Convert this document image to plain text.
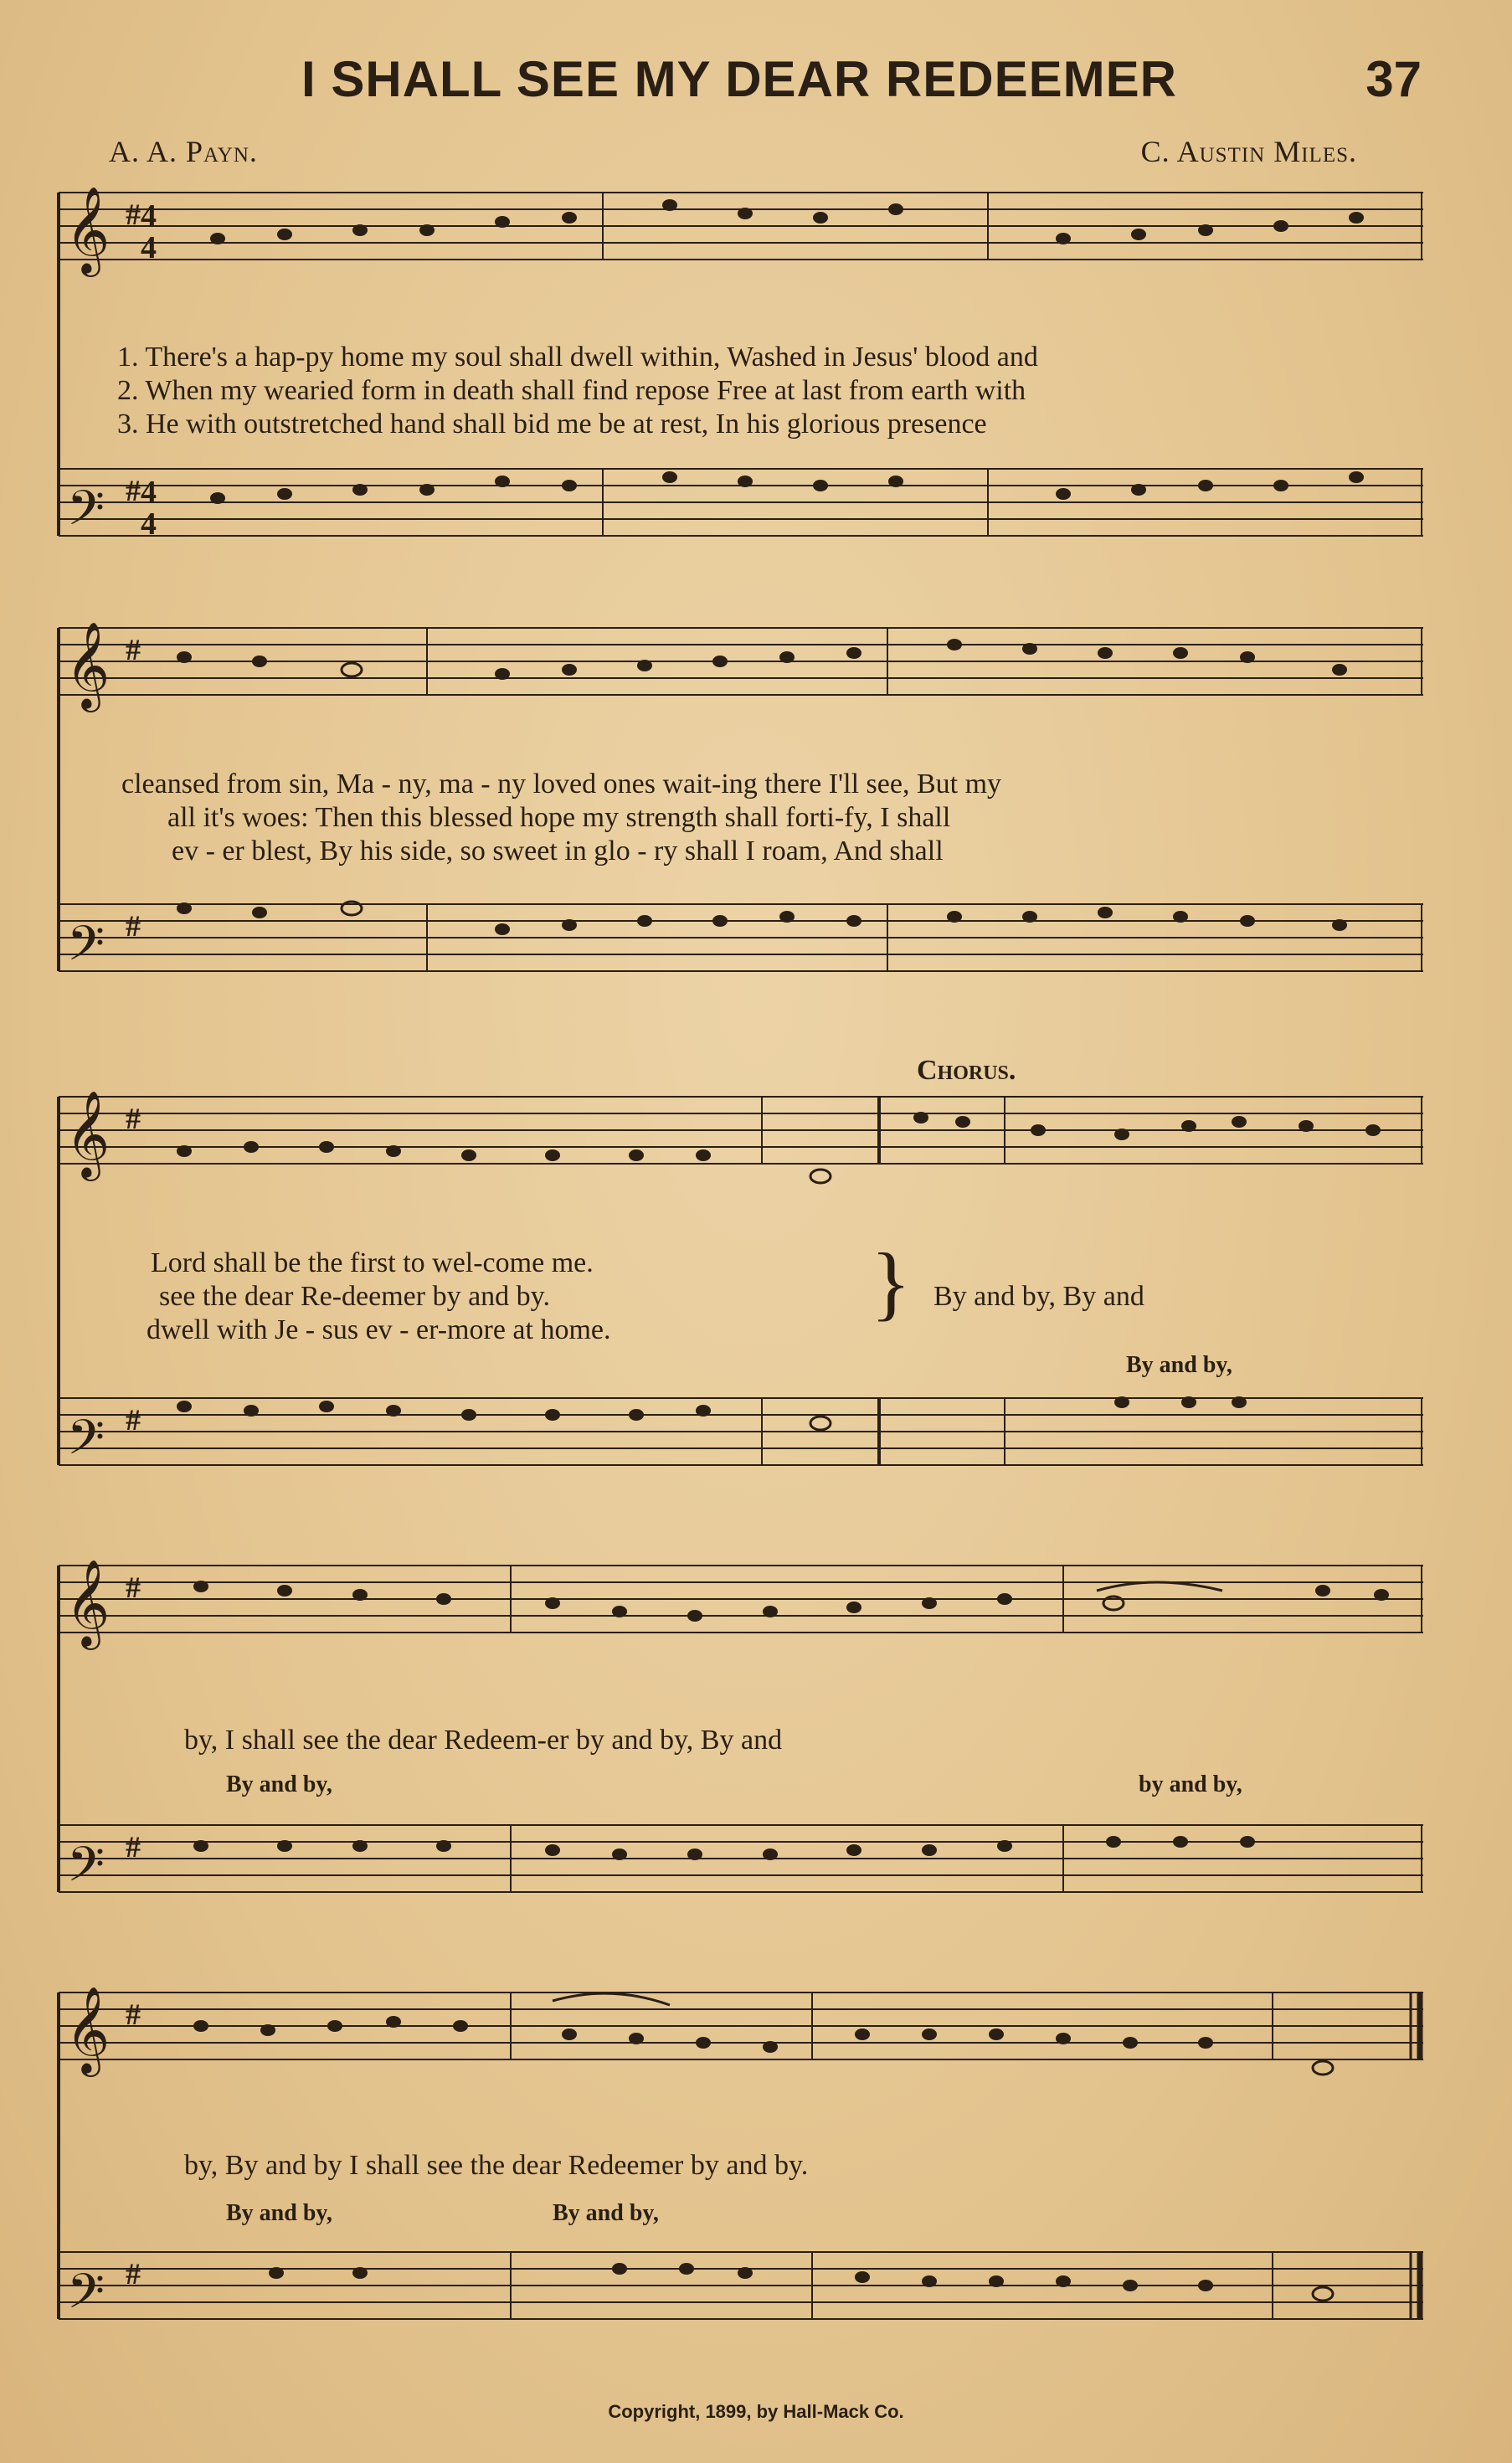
I SHALL SEE MY DEAR REDEEMER	37
A. A. Payn.	C. Austin Miles.
𝄞
𝄢
# 4
4
# 4
4
1. There's a hap-py home my soul shall dwell within, Washed in Jesus' blood and
2. When my wearied form in death shall find repose Free at last from earth with
3. He with outstretched hand shall bid me be at rest, In his glorious presence
𝄞
𝄢
#
#
cleansed from sin, Ma - ny, ma - ny loved ones wait-ing there I'll see, But my
all it's woes: Then this blessed hope my strength shall forti-fy, I shall
ev - er blest, By his side, so sweet in glo - ry shall I roam, And shall
Chorus.
𝄞
𝄢
#
#
Lord shall be the first to wel-come me.
see the dear Re-deemer by and by.
dwell with Je - sus ev - er-more at home.
} By and by, By and
By and by,
𝄞
𝄢
#
#
by, I shall see the dear Redeem-er by and by, By and
By and by,	by and by,
𝄞
𝄢
#
#
by, By and by I shall see the dear Redeemer by and by.
By and by,	By and by,
Copyright, 1899, by Hall-Mack Co.
